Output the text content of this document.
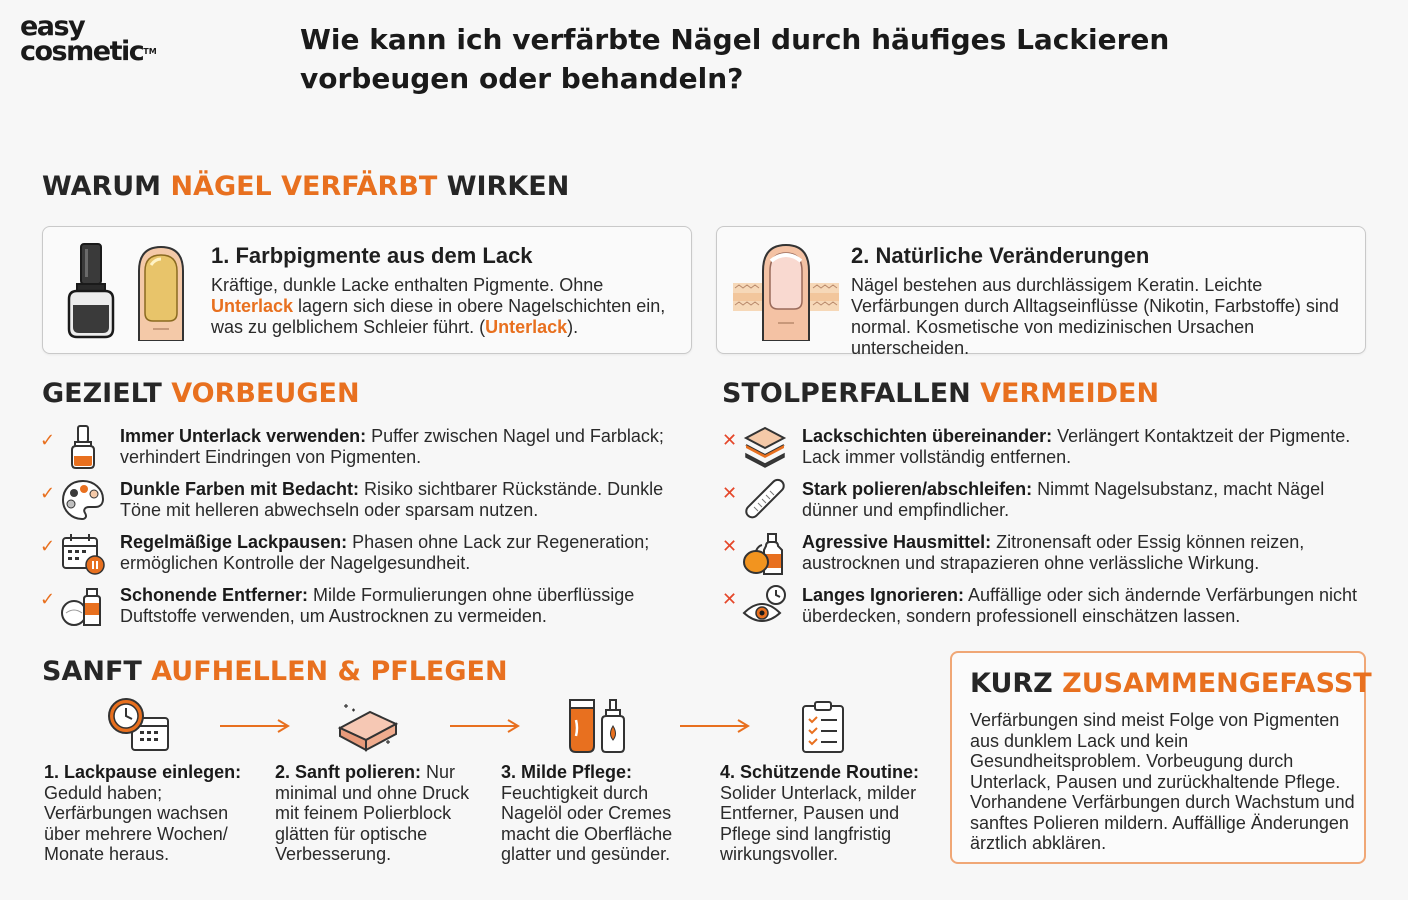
easy
cosmetic™	Wie kann ich verfärbte Nägel durch häufiges Lackieren vorbeugen oder behandeln?
WARUM NÄGEL VERFÄRBT WIRKEN
1. Farbpigmente aus dem Lack
Kräftige, dunkle Lacke enthalten Pigmente. Ohne Unterlack lagern sich diese in obere Nagelschichten ein, was zu gelblichem Schleier führt. (Unterlack).
2. Natürliche Veränderungen
Nägel bestehen aus durchlässigem Keratin. Leichte Verfärbungen durch Alltagseinflüsse (Nikotin, Farbstoffe) sind normal. Kosmetische von medizinischen Ursachen unterscheiden.
GEZIELT VORBEUGEN
✓	Immer Unterlack verwenden: Puffer zwischen Nagel und Farblack; verhindert Eindringen von Pigmenten.
✓	Dunkle Farben mit Bedacht: Risiko sichtbarer Rückstände. Dunkle Töne mit helleren abwechseln oder sparsam nutzen.
✓	Regelmäßige Lackpausen: Phasen ohne Lack zur Regeneration; ermöglichen Kontrolle der Nagelgesundheit.
✓	Schonende Entferner: Milde Formulierungen ohne überflüssige Duftstoffe verwenden, um Austrocknen zu vermeiden.
STOLPERFALLEN VERMEIDEN
✕	Lackschichten übereinander: Verlängert Kontaktzeit der Pigmente. Lack immer vollständig entfernen.
✕	Stark polieren/abschleifen: Nimmt Nagelsubstanz, macht Nägel dünner und empfindlicher.
✕	Agressive Hausmittel: Zitronensaft oder Essig können reizen, austrocknen und strapazieren ohne verlässliche Wirkung.
✕	Langes Ignorieren: Auffällige oder sich ändernde Verfärbungen nicht überdecken, sondern professionell einschätzen lassen.
SANFT AUFHELLEN & PFLEGEN
1. Lackpause einlegen: Geduld haben; Verfärbungen wachsen über mehrere Wochen/ Monate heraus.
2. Sanft polieren: Nur minimal und ohne Druck mit feinem Polierblock glätten für optische Verbesserung.
3. Milde Pflege: Feuchtigkeit durch Nagelöl oder Cremes macht die Oberfläche glatter und gesünder.
4. Schützende Routine: Solider Unterlack, milder Entferner, Pausen und Pflege sind langfristig wirkungsvoller.
KURZ ZUSAMMENGEFASST
Verfärbungen sind meist Folge von Pigmenten aus dunklem Lack und kein Gesundheitsproblem. Vorbeugung durch Unterlack, Pausen und zurückhaltende Pflege. Vorhandene Verfärbungen durch Wachstum und sanftes Polieren mildern. Auffällige Änderungen ärztlich abklären.
